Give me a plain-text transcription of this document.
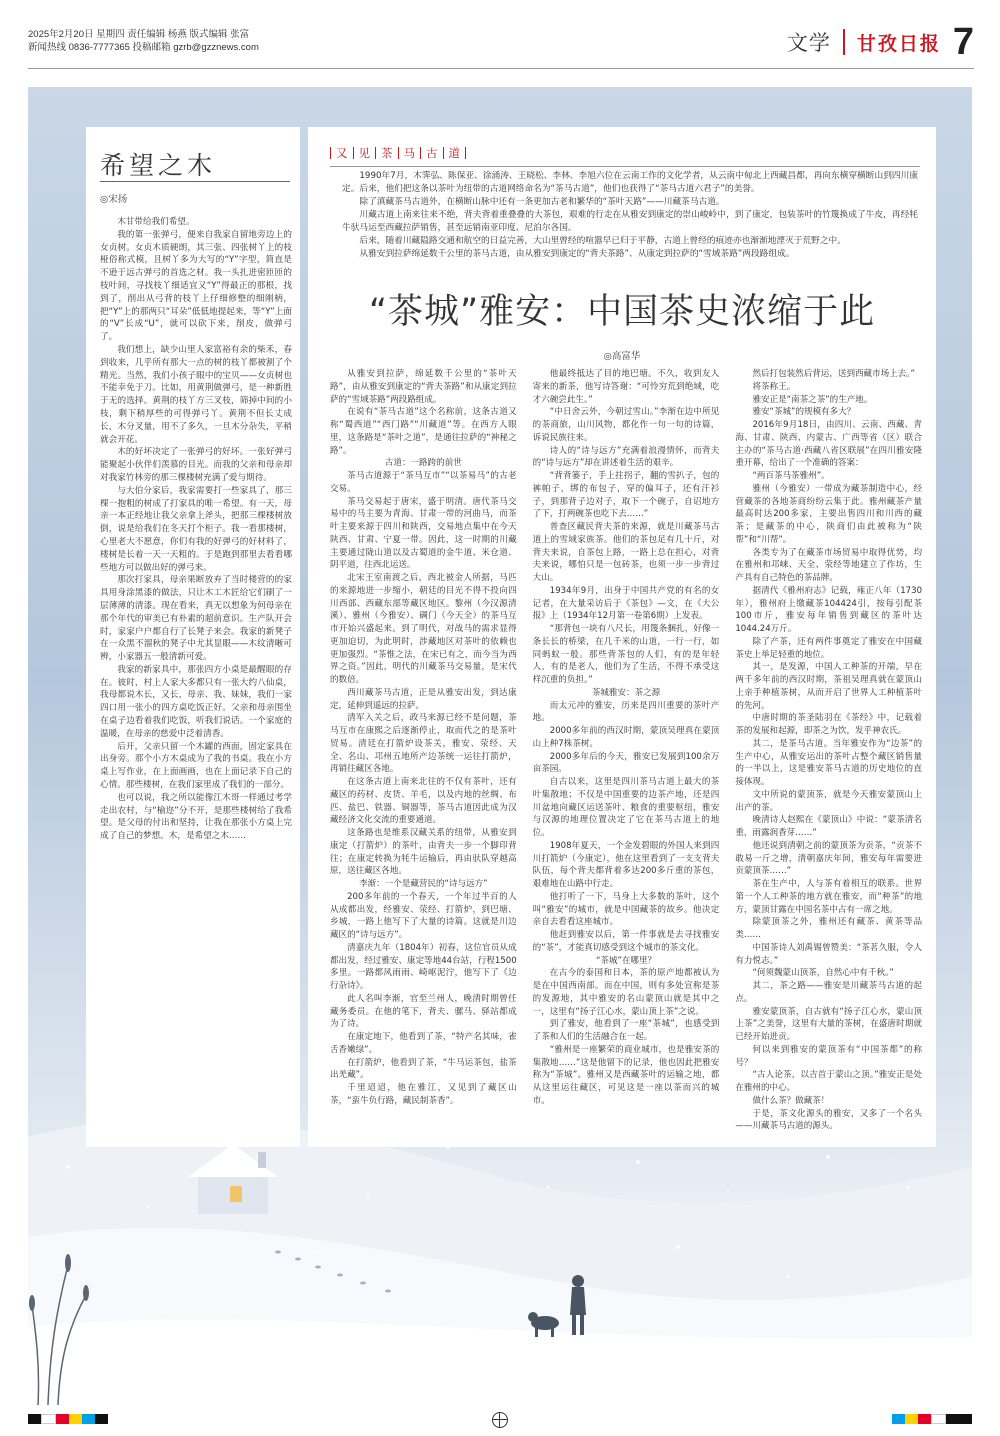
2025年2月20日 星期四 责任编辑 杨燕 版式编辑 张富
新闻热线 0836-7777365 投稿邮箱 gzrb@gzznews.com	文学 甘孜日报 7
希望之木
◎宋扬

木甘带给我们希望。

我的第一张弹弓，便来自我家自留地旁边上的女贞树。女贞木质硬朗，其三张、四张树丫上的枝桠俗称式模，且树丫多为大写的“Y”字型，简直是不逊于远古弹弓的首选之材。我一头扎进密匝匝的枝叶间，寻找枝丫细适宜又“Y”得最正的那根，找到了，削出从弓背的枝丫上仔细修整的细刚柄，把“Y”上的那两只“耳朵”低低地提起来，等“Y”上面的“V”长成“U”，就可以砍下来，削皮，做弹弓了。

我们想上，缺少山里人家富裕有余的柴禾，春到收来，几乎所有那大一点的树的枝丫都被割了个精光。当然，我们小孩子眼中的宝贝——女贞树也不能幸免于刀。比如，用黄荆做弹弓，是一种新胜于无的选择。黄荆的枝丫方三叉枝，筛掉中间的小枝，剩下稍厚些的可得弹弓丫。黄荆不但长丈成长，木分叉量，用不了多久，一旦木分杂失，平稍就会开花。

木的好坏决定了一张弹弓的好坏。一张好弹弓能聚起小伙伴们羡慕的目光。而我的父亲和母亲却对我家竹林旁的那三棵楼树充满了爱与期待。

与大伯分家后，我家需要打一些家具了，那三棵一抱粗的树成了打家具的唯一希望。有一天，母亲一本正经地让我父亲拿上斧头，把那三棵楼树放倒，说是给我们在冬天打个柜子。我一看那楼树，心里老大不愿意，你们有我的好弹弓的好材料了，楼树是长着一天一天粗的。于是跑到那里去看看哪些地方可以做出好的弹弓来。

那次打家具，母亲果断放弃了当时楼营的的家具用身涂黑漆的做法，只让木工木匠给它们刷了一层薄薄的清漆。现在看来，真无以想象为何母亲在那个年代的审美已有朴素的超前意识。生产队开会时，家家户户都自行了长凳子来会。我家的新凳子在一众黑不溜秋的凳子中尤其显眼——木纹清晰可辨，小家器五一般清新可爱。

我家的新家具中，那张四方小桌是最醒眼的存在。彼时，村上人家大多都只有一张大约八仙桌，我母都说木长，又长，母亲、我、妹妹，我们一家四口用一张小的四方桌吃饭正好。父亲和母亲围坐在桌子边看着我们吃饭，听我们说话。一个家庭的温暖，在母亲的慈爱中泛着清香。

后开，父亲只留一个木罐的西面，固定家具在出身旁。那个小方木桌成为了我的书桌。我在小方桌上写作业，在上面画画，也在上面记录下自己的心情。那些楼树，在我们家里成了我们的一部分。

也可以说，我之所以能像江木哥一样通过考学走出农村，与“榆迩”分不开，是那些楼树给了我希望。是父母的付出和坚持，让我在那张小方桌上完成了自己的梦想。木，是希望之木……

又 见 茶 马 古 道

1990年7月，木霁弘、陈保亚、徐涌涛、王晓松、李林、李旭六位在云南工作的文化学者，从云南中甸北上西藏昌都，再向东横穿横断山到四川康定。后来，他们把这条以茶叶为纽带的古道网络命名为“茶马古道”，他们也获得了“茶马古道六君子”的美誉。

除了滇藏茶马古道外，在横断山脉中还有一条更加古老和繁华的“茶叶天路”——川藏茶马古道。

川藏古道上南来往来不绝，背夫背着重叠叠的大茶包，艰难的行走在从雅安到康定的崇山峻岭中，到了康定，包装茶叶的竹篾换成了牛皮，再经牦牛驮马运至西藏拉萨销售，甚至远销南亚印度、尼泊尔各国。

后来，随着川藏隘路交通和航空的日益完善，大山里曾经的喧嚣早已归于平静，古道上曾经的痕迹亦也渐渐地湮灭于荒野之中。

从雅安到拉萨绵延数千公里的茶马古道，由从雅安到康定的“背夫茶路”、从康定到拉萨的“雪域茶路”两段路组成。

“茶城”雅安：中国茶史浓缩于此
◎高富华

从雅安到拉萨，绵延数千公里的“茶叶天路”，由从雅安到康定的“背夫茶路”和从康定到拉萨的“雪域茶路”两段路组成。

在说有“茶马古道”这个名称前，这条古道又称“蜀西道”“西门路”“川藏道”等。在西方人眼里，这条路是“茶叶之道”，是通往拉萨的“神秘之路”。

古道：一路跨的前世

茶马古道源于“茶马互市”“以茶易马”的古老交易。

茶马交易起于唐宋，盛于明清。唐代茶马交易中的马主要为青海、甘肃一带的河曲马，而茶叶主要来源于四川和陕西，交易地点集中在今天陕西、甘肃、宁夏一带。因此，这一时期的川藏主要通过陇山道以及古蜀道的金牛道、米仓道、阴平道，往西北运送。

北宋王室南渡之后，西北被金人所据，马匹的来源地进一步缩小，朝廷的目光不得不投向四川西部、西藏东部等藏区地区。黎州（今汉源清溪）、雅州（今雅安）、碉门（今天全）的茶马互市开始兴盛起来。到了明代，对战马的需求显得更加迫切，为此明时，涉藏地区对茶叶的依赖也更加强烈。“茶惟之法，在宋已有之，而今当为西界之资。”因此，明代的川藏茶马交易量，是宋代的数倍。

西川藏茶马古道，正是从雅安出发，到达康定，延伸到遥远的拉萨。

清军入关之后，政马来源已经不是问题，茶马互市在康熙之后逐渐停止，取而代之的是茶叶贸易。清廷在打箭炉设茶关，雅安、荥经、天全、名山、邛州五地所产边茶统一运往打箭炉，再销往藏区各地。

在这条古道上南来北往的不仅有茶叶，还有藏区的药材、皮货、羊毛，以及内地的丝绸、布匹、盐巴、铁器、铜器等，茶马古道因此成为汉藏经济文化交流的重要通道。

这条路也是维系汉藏关系的纽带，从雅安到康定（打箭炉）的茶叶，由背夫一步一个脚印背往；在康定转换为牦牛运输后，再由驮队穿越高原，送往藏区各地。

李渐：一个是藏营民的“诗与远方”

200多年前的一个春天，一个年过半百的人从成都出发，经雅安、荥经、打箭炉，到巴塘、乡城，一路上他写下了大量的诗篇。这就是川边藏区的“诗与远方”。

清嘉庆九年（1804年）初春，这位官员从成都出发，经过雅安、康定等地44台站，行程1500多里。一路都风雨雨、崎岖泥泞，他写下了《边行杂诗》。

此人名叫李渐，官至兰州人，晚清时期曾任藏务委员。在他的笔下，背夫、骡马、驿站都成为了诗。

在康定地下，他看到了茶，“特产名其味，雀舌香嫩绿”。

在打箭炉，他看到了茶，“牛马运茶包，盐茶出羌藏”。

千里迢迢，他在雅江，又见到了藏区山茶，“蛮牛负行路，藏民制茶香”。

他最终抵达了目的地巴塘。不久，收到友人寄来的新茶，他写诗答谢：“可怜穷荒到绝域，吃才六碗尝此生。”

“中日舍云外，今朝过雪山。”李渐在边中所见的茶商旅，山川风物，都化作一句一句的诗篇，诉说民族往来。

诗人的“诗与远方”充满着浪漫情怀，而背夫的“诗与远方”却在讲述着生活的艰辛。

“背背篓子，手上拄拐子，翻的雪扒子，包的裤帕子，绑的布包子，穿的偏耳子，还有汗衫子，到那背子边对子，取下一个碗子，自诏地方了下，打两碗茶也吃下去……”

普查区藏民背夫茶的来源，就是川藏茶马古道上的雪域家族茶。他们的茶包足有几十斤，对背夫来说，自茶包上路，一路上总在担心，对背夫来说，哪怕只是一包砖茶，也须一步一步背过大山。

1934年9月，出身于中国共产党的有名的女记者，在大量采访后于《茶包》—文，在《大公报》上（1934年12月第一卷第6期）上发表。

“那背包一块有八尺长，用篾条捆扎，好像一条长长的桥梁，在几千米的山道，一行一行，如同蚂蚁一般。那些背茶包的人们，有的是年轻人，有的是老人，他们为了生活，不得不承受这样沉重的负担。”

茶城雅安：茶之源

而太元冲的雅安，历来是四川重要的茶叶产地。

2000多年前的西汉时期，蒙顶吴理真在蒙顶山上种7株茶树。

2000多年后的今天，雅安已发展到100余万亩茶园。

自古以来，这里是四川茶马古道上最大的茶叶集散地；不仅是中国重要的边茶产地，还是四川盆地向藏区运送茶叶、粮食的重要枢纽，雅安与汉源的地理位置决定了它在茶马古道上的地位。

1908年夏天，一个金发碧眼的外国人来到四川打箭炉（今康定），他在这里看到了一支支背夫队伍，每个背夫都背着多达200多斤重的茶包，艰难地在山路中行走。

他打听了一下，马身上大多数的茶叶，这个叫“雅安”的城市，就是中国藏茶的故乡。他决定亲自去看看这座城市。

他赶到雅安以后，第一件事就是去寻找雅安的“茶”，才能真切感受到这个城市的茶文化。

“茶城”在哪里？

在古今的泰国和日本，茶的原产地都被认为是在中国西南部。而在中国，则有多处宣称是茶的发源地，其中雅安的名山蒙顶山就是其中之一，这里有“扬子江心水，蒙山顶上茶”之说。

到了雅安，他看到了一座“茶城”，也感受到了茶和人们的生活融合在一起。

“雅州是一座繁荣的商业城市，也是雅安茶的集散地……”这是他留下的记录，他也因此把雅安称为“茶城”。雅州又是西藏茶叶的运输之地，都从这里运往藏区，可见这是一座以茶而兴的城市。

然后打包装然后背运，送到西藏市场上去。”

将茶称王。

雅安正是“南茶之茶”的生产地。

雅安“茶城”的规模有多大？

2016年9月18日，由四川、云南、西藏、青海、甘肃、陕西、内蒙古、广西等省（区）联合主办的“茶马古道·西藏八省区联展”在四川雅安隆重开幕，给出了一个准确的答案：

“两百茶马茶雅州”。

雅州（今雅安）一带成为藏茶制造中心，经营藏茶的各地茶商纷纷云集于此。雅州藏茶产量最高时达200多家，主要出售四川和川西的藏茶；是藏茶的中心，陕商们由此被称为“陕帮”和“川帮”。

各类专为了在藏茶市场贸易中取得优势，均在雅州和邛崃、天全、荥经等地建立了作坊，生产具有自己特色的茶品牌。

据清代《雅州府志》记载，雍正八年（1730年），雅州府上缴藏茶104424引，按每引配茶100市斤，雅安每年销售到藏区的茶叶达1044.24万斤。

除了产茶，还有两件事奠定了雅安在中国藏茶史上举足轻重的地位。

其一，是发源，中国人工种茶的开端，早在两千多年前的西汉时期，茶祖吴理真就在蒙顶山上亲手种植茶树，从而开启了世界人工种植茶叶的先河。

中唐时期的茶圣陆羽在《茶经》中，记载着茶的发展和起源，即茶之为饮，发乎神农氏。

其二，是茶马古道。当年雅安作为“边茶”的生产中心，从雅安运出的茶叶占整个藏区销售量的一半以上，这是雅安茶马古道的历史地位的直接体现。

文中所说的蒙顶茶，就是今天雅安蒙顶山上出产的茶。

晚清诗人赵熙在《蒙顶山》中说：“蒙茶清名重，雨露润香芽……”

他还说到清朝之前的蒙顶茶为贡茶，“贡茶不敢易一斤之增，清朝嘉庆年间，雅安每年需要进贡蒙顶茶……”

茶在生产中，人与茶有着相互的联系。世界第一个人工种茶的地方就在雅安，而“种茶”的地方，蒙顶甘露在中国名茶中占有一席之地。

除蒙顶茶之外，雅州还有藏茶、黄茶等品类……

中国茶诗人刘禹锡曾赞美：“茶茗久服，令人有力悦志。”

“何须魏蒙山顶茶，自然心中有千秋。”

其二，茶之路——雅安是川藏茶马古道的起点。

雅安蒙顶茶，自古就有“扬子江心水，蒙山顶上茶”之美誉，这里有大量的茶树，在盛唐时期就已经开始进贡。

何以来到雅安的蒙顶茶有“中国茶都”的称号？

“古人论茶，以吉首于蒙山之顶。”雅安正是处在雅州的中心。

做什么茶？做藏茶！

于是，茶文化源头的雅安，又多了一个名头——川藏茶马古道的源头。
